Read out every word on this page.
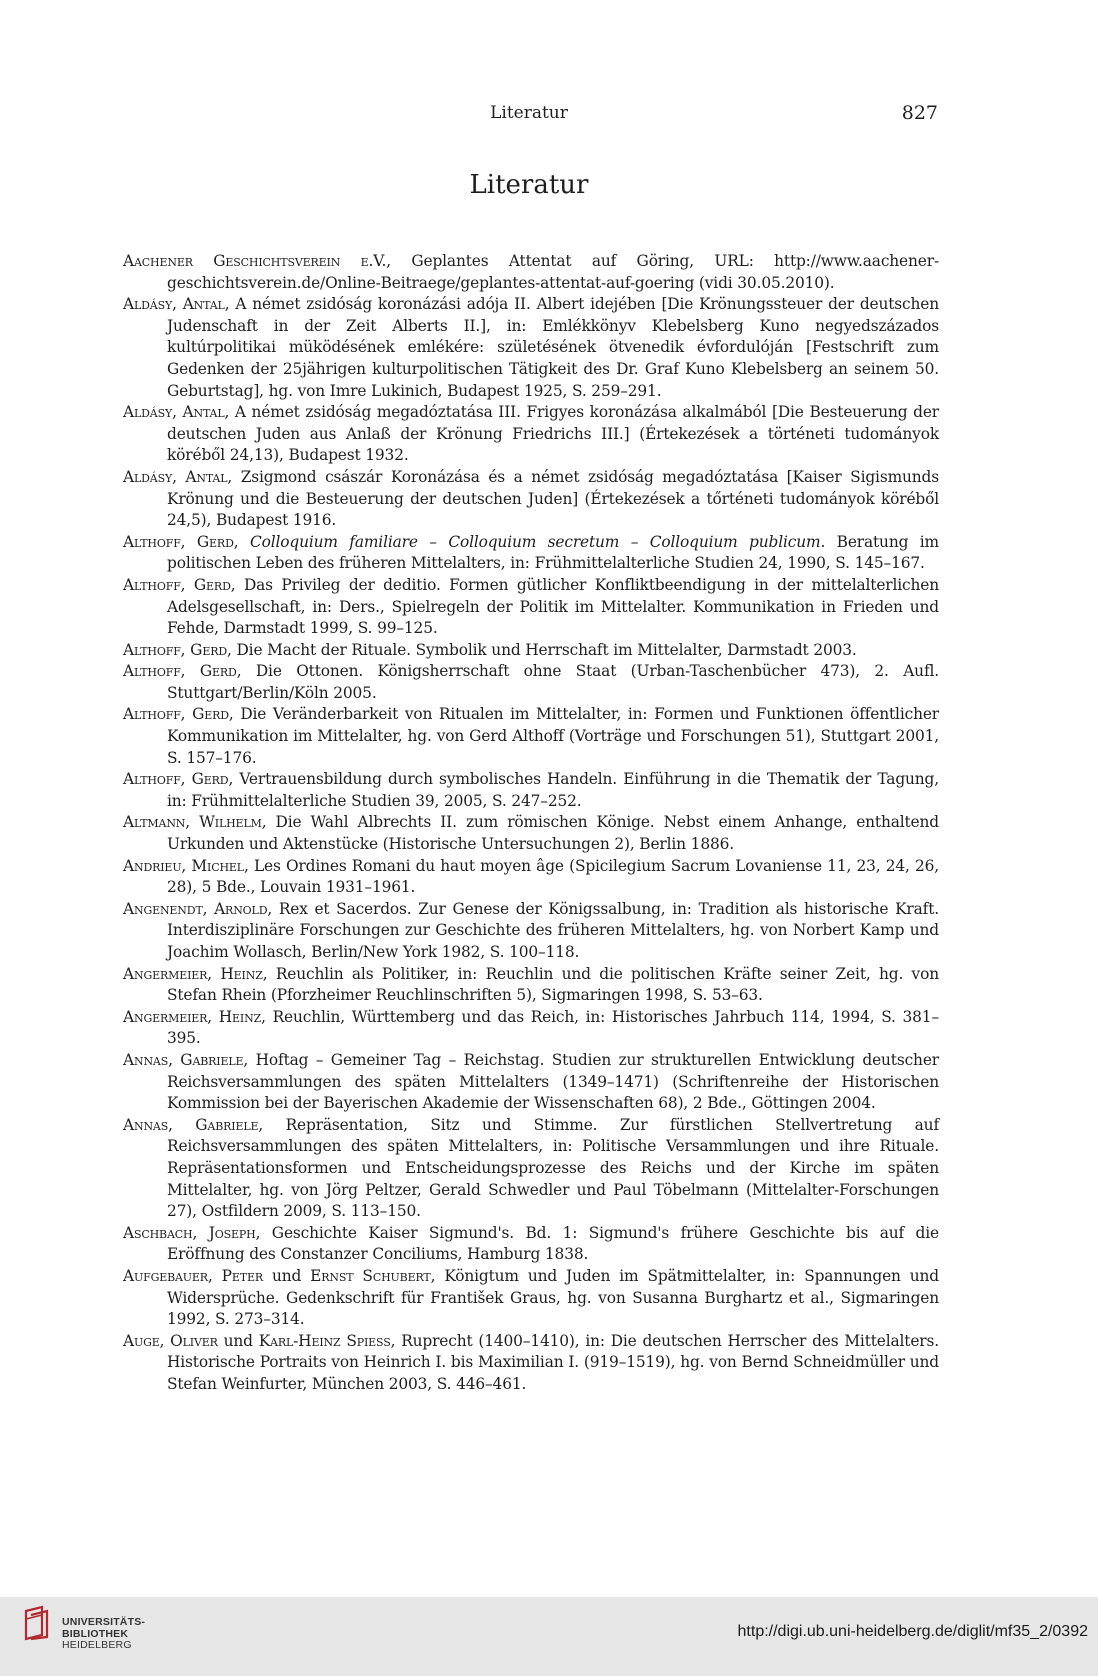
Literatur	827
Literatur
Aachener Geschichtsverein e.V., Geplantes Attentat auf Göring, URL: http://www.aachener-geschichtsverein.de/Online-Beitraege/geplantes-attentat-auf-goering (vidi 30.05.2010).
Aldásy, Antal, A német zsidóság koronázási adója II. Albert idejében [Die Krönungssteuer der deutschen Judenschaft in der Zeit Alberts II.], in: Emlékkönyv Klebelsberg Kuno negyedszázados kultúrpolitikai müködésének emlékére: születésének ötvenedik évfordulóján [Festschrift zum Gedenken der 25jährigen kulturpolitischen Tätigkeit des Dr. Graf Kuno Klebelsberg an seinem 50. Geburtstag], hg. von Imre Lukinich, Budapest 1925, S. 259–291.
Aldásy, Antal, A német zsidóság megadóztatása III. Frigyes koronázása alkalmából [Die Besteuerung der deutschen Juden aus Anlaß der Krönung Friedrichs III.] (Értekezések a történeti tudományok köréből 24,13), Budapest 1932.
Aldásy, Antal, Zsigmond császár Koronázása és a német zsidóság megadóztatása [Kaiser Sigismunds Krönung und die Besteuerung der deutschen Juden] (Értekezések a tőrténeti tudományok köréből 24,5), Budapest 1916.
Althoff, Gerd, Colloquium familiare – Colloquium secretum – Colloquium publicum. Beratung im politischen Leben des früheren Mittelalters, in: Frühmittelalterliche Studien 24, 1990, S. 145–167.
Althoff, Gerd, Das Privileg der deditio. Formen gütlicher Konfliktbeendigung in der mittelalterlichen Adelsgesellschaft, in: Ders., Spielregeln der Politik im Mittelalter. Kommunikation in Frieden und Fehde, Darmstadt 1999, S. 99–125.
Althoff, Gerd, Die Macht der Rituale. Symbolik und Herrschaft im Mittelalter, Darmstadt 2003.
Althoff, Gerd, Die Ottonen. Königsherrschaft ohne Staat (Urban-Taschenbücher 473), 2. Aufl. Stuttgart/Berlin/Köln 2005.
Althoff, Gerd, Die Veränderbarkeit von Ritualen im Mittelalter, in: Formen und Funktionen öffentlicher Kommunikation im Mittelalter, hg. von Gerd Althoff (Vorträge und Forschungen 51), Stuttgart 2001, S. 157–176.
Althoff, Gerd, Vertrauensbildung durch symbolisches Handeln. Einführung in die Thematik der Tagung, in: Frühmittelalterliche Studien 39, 2005, S. 247–252.
Altmann, Wilhelm, Die Wahl Albrechts II. zum römischen Könige. Nebst einem Anhange, enthaltend Urkunden und Aktenstücke (Historische Untersuchungen 2), Berlin 1886.
Andrieu, Michel, Les Ordines Romani du haut moyen âge (Spicilegium Sacrum Lovaniense 11, 23, 24, 26, 28), 5 Bde., Louvain 1931–1961.
Angenendt, Arnold, Rex et Sacerdos. Zur Genese der Königssalbung, in: Tradition als historische Kraft. Interdisziplinäre Forschungen zur Geschichte des früheren Mittelalters, hg. von Norbert Kamp und Joachim Wollasch, Berlin/New York 1982, S. 100–118.
Angermeier, Heinz, Reuchlin als Politiker, in: Reuchlin und die politischen Kräfte seiner Zeit, hg. von Stefan Rhein (Pforzheimer Reuchlinschriften 5), Sigmaringen 1998, S. 53–63.
Angermeier, Heinz, Reuchlin, Württemberg und das Reich, in: Historisches Jahrbuch 114, 1994, S. 381–395.
Annas, Gabriele, Hoftag – Gemeiner Tag – Reichstag. Studien zur strukturellen Entwicklung deutscher Reichsversammlungen des späten Mittelalters (1349–1471) (Schriftenreihe der Historischen Kommission bei der Bayerischen Akademie der Wissenschaften 68), 2 Bde., Göttingen 2004.
Annas, Gabriele, Repräsentation, Sitz und Stimme. Zur fürstlichen Stellvertretung auf Reichsversammlungen des späten Mittelalters, in: Politische Versammlungen und ihre Rituale. Repräsentationsformen und Entscheidungsprozesse des Reichs und der Kirche im späten Mittelalter, hg. von Jörg Peltzer, Gerald Schwedler und Paul Töbelmann (Mittelalter-Forschungen 27), Ostfildern 2009, S. 113–150.
Aschbach, Joseph, Geschichte Kaiser Sigmund's. Bd. 1: Sigmund's frühere Geschichte bis auf die Eröffnung des Constanzer Conciliums, Hamburg 1838.
Aufgebauer, Peter und Ernst Schubert, Königtum und Juden im Spätmittelalter, in: Spannungen und Widersprüche. Gedenkschrift für František Graus, hg. von Susanna Burghartz et al., Sigmaringen 1992, S. 273–314.
Auge, Oliver und Karl-Heinz Spiess, Ruprecht (1400–1410), in: Die deutschen Herrscher des Mittelalters. Historische Portraits von Heinrich I. bis Maximilian I. (919–1519), hg. von Bernd Schneidmüller und Stefan Weinfurter, München 2003, S. 446–461.
UNIVERSITÄTS-
BIBLIOTHEK
HEIDELBERG
http://digi.ub.uni-heidelberg.de/diglit/mf35_2/0392
